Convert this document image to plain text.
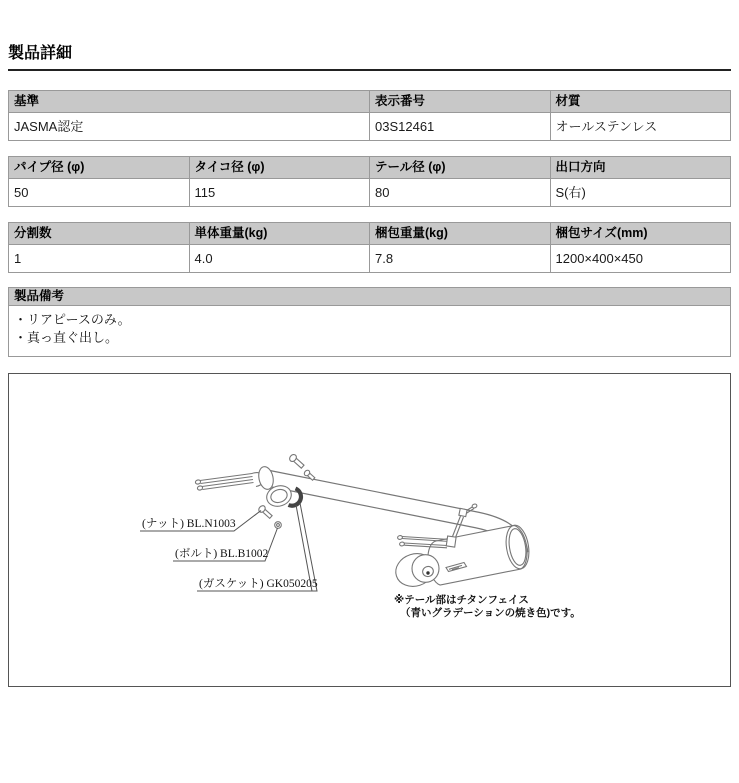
製品詳細
基準	表示番号	材質
JASMA認定	03S12461	オールステンレス
パイプ径 (φ)	タイコ径 (φ)	テール径 (φ)	出口方向
50	115	80	S(右)
分割数	単体重量(kg)	梱包重量(kg)	梱包サイズ(mm)
1	4.0	7.8	1200×400×450
製品備考
・リアピースのみ。
・真っ直ぐ出し。
(ナット) BL.N1003
(ボルト) BL.B1002
(ガスケット) GK050205
※テール部はチタンフェイス
（青いグラデーションの焼き色)です。
